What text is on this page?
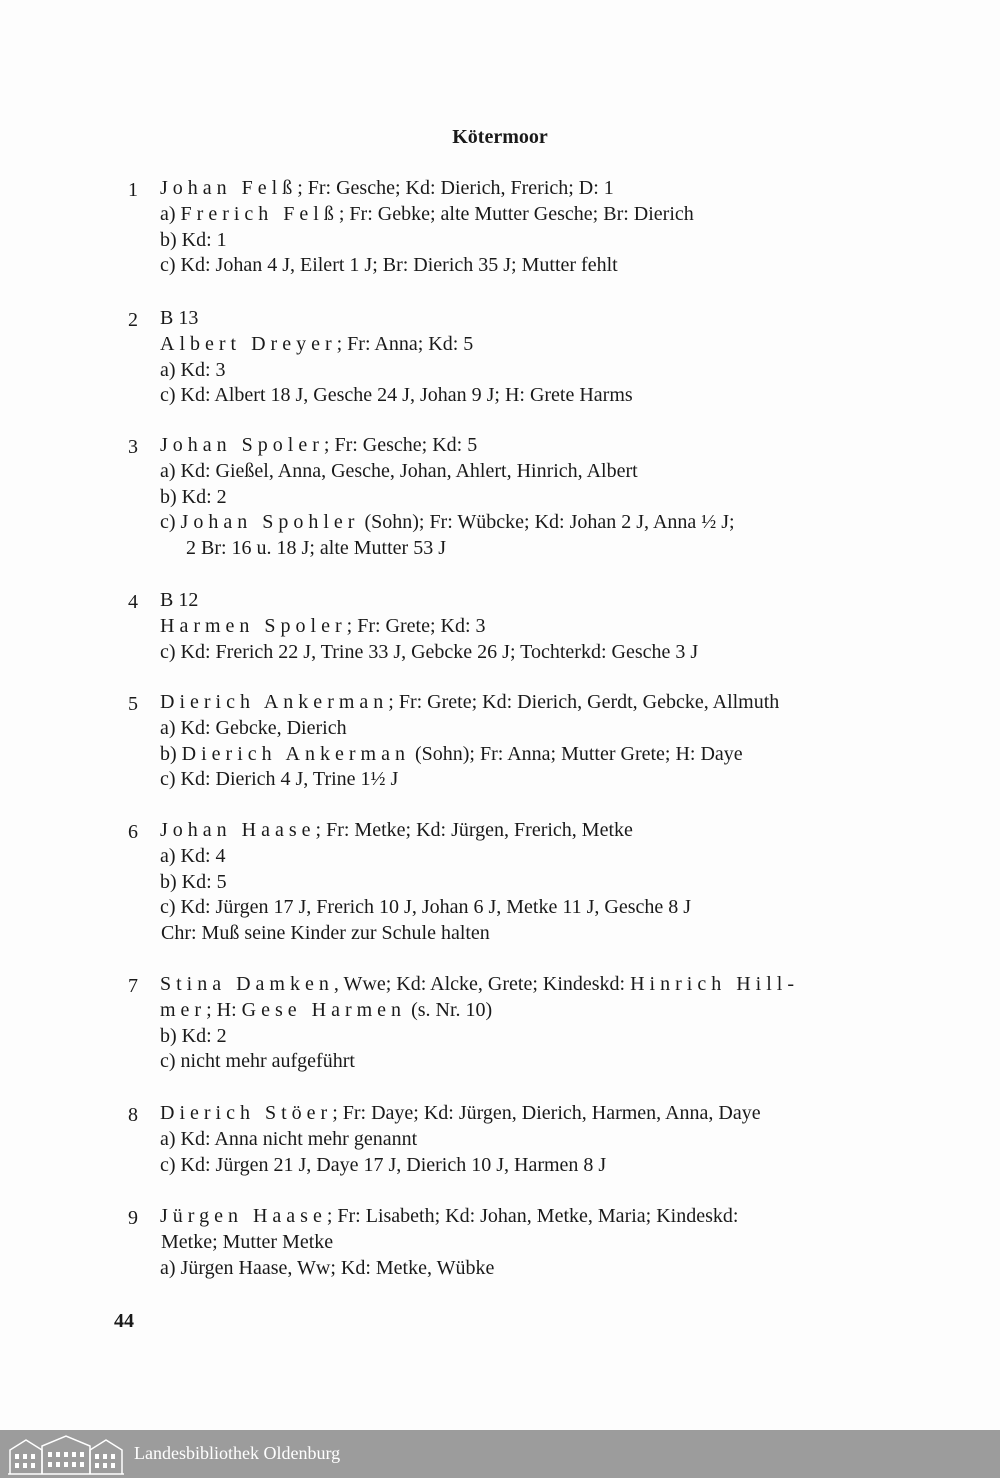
Kötermoor
1 Johan Felß; Fr: Gesche; Kd: Dierich, Frerich; D: 1
a) Frerich Felß; Fr: Gebke; alte Mutter Gesche; Br: Dierich
b) Kd: 1
c) Kd: Johan 4 J, Eilert 1 J; Br: Dierich 35 J; Mutter fehlt
2 B 13
Albert Dreyer; Fr: Anna; Kd: 5
a) Kd: 3
c) Kd: Albert 18 J, Gesche 24 J, Johan 9 J; H: Grete Harms
3 Johan Spoler; Fr: Gesche; Kd: 5
a) Kd: Gießel, Anna, Gesche, Johan, Ahlert, Hinrich, Albert
b) Kd: 2
c) Johan Spohler (Sohn); Fr: Wübcke; Kd: Johan 2 J, Anna ½ J;
2 Br: 16 u. 18 J; alte Mutter 53 J
4 B 12
Harmen Spoler; Fr: Grete; Kd: 3
c) Kd: Frerich 22 J, Trine 33 J, Gebcke 26 J; Tochterkd: Gesche 3 J
5 Dierich Ankerman; Fr: Grete; Kd: Dierich, Gerdt, Gebcke, Allmuth
a) Kd: Gebcke, Dierich
b) Dierich Ankerman (Sohn); Fr: Anna; Mutter Grete; H: Daye
c) Kd: Dierich 4 J, Trine 1½ J
6 Johan Haase; Fr: Metke; Kd: Jürgen, Frerich, Metke
a) Kd: 4
b) Kd: 5
c) Kd: Jürgen 17 J, Frerich 10 J, Johan 6 J, Metke 11 J, Gesche 8 J
Chr: Muß seine Kinder zur Schule halten
7 Stina Damken, Wwe; Kd: Alcke, Grete; Kindeskd: Hinrich Hill-
mer; H: Gese Harmen (s. Nr. 10)
b) Kd: 2
c) nicht mehr aufgeführt
8 Dierich Stöer; Fr: Daye; Kd: Jürgen, Dierich, Harmen, Anna, Daye
a) Kd: Anna nicht mehr genannt
c) Kd: Jürgen 21 J, Daye 17 J, Dierich 10 J, Harmen 8 J
9 Jürgen Haase; Fr: Lisabeth; Kd: Johan, Metke, Maria; Kindeskd:
Metke; Mutter Metke
a) Jürgen Haase, Ww; Kd: Metke, Wübke
44
Landesbibliothek Oldenburg
